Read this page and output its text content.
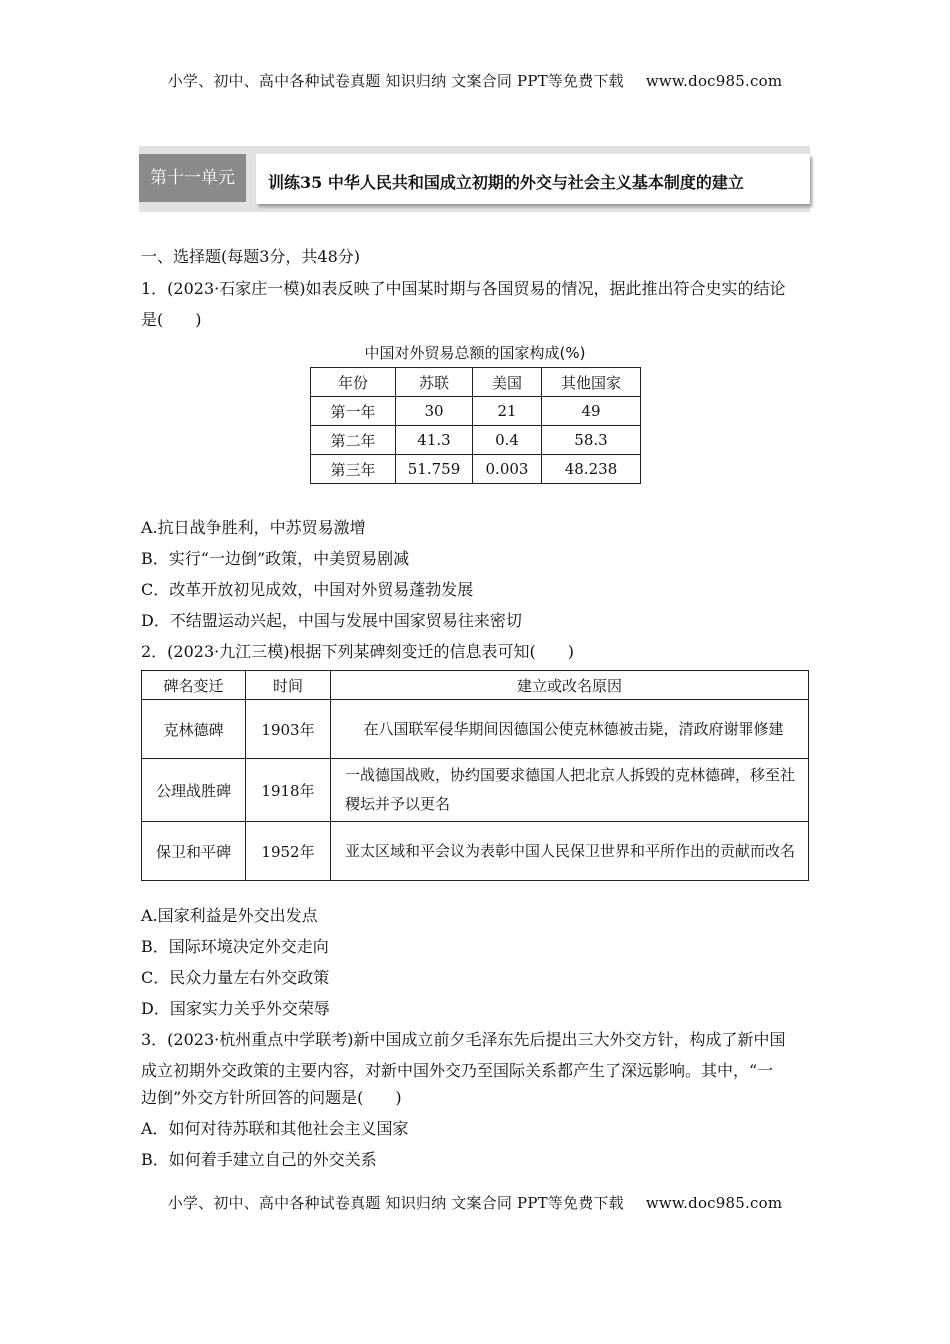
小学、初中、高中各种试卷真题 知识归纳 文案合同 PPT等免费下载 www.doc985.com
第十一单元	训练35 中华人民共和国成立初期的外交与社会主义基本制度的建立
一、选择题(每题3分，共48分)
1．(2023·石家庄一模)如表反映了中国某时期与各国贸易的情况，据此推出符合史实的结论
是(　　)
中国对外贸易总额的国家构成(%)
年份	苏联	美国	其他国家
第一年	30	21	49
第二年	41.3	0.4	58.3
第三年	51.759	0.003	48.238
A.抗日战争胜利，中苏贸易激增
B．实行“一边倒”政策，中美贸易剧减
C．改革开放初见成效，中国对外贸易蓬勃发展
D．不结盟运动兴起，中国与发展中国家贸易往来密切
2．(2023·九江三模)根据下列某碑刻变迁的信息表可知(　　)
碑名变迁	时间	建立或改名原因
克林德碑	1903年	在八国联军侵华期间因德国公使克林德被击毙，清政府谢罪修建
公理战胜碑	1918年	一战德国战败，协约国要求德国人把北京人拆毁的克林德碑，移至社稷坛并予以更名
保卫和平碑	1952年	亚太区域和平会议为表彰中国人民保卫世界和平所作出的贡献而改名
A.国家利益是外交出发点
B．国际环境决定外交走向
C．民众力量左右外交政策
D．国家实力关乎外交荣辱
3．(2023·杭州重点中学联考)新中国成立前夕毛泽东先后提出三大外交方针，构成了新中国
成立初期外交政策的主要内容，对新中国外交乃至国际关系都产生了深远影响。其中，“一
边倒”外交方针所回答的问题是(　　)
A．如何对待苏联和其他社会主义国家
B．如何着手建立自己的外交关系
小学、初中、高中各种试卷真题 知识归纳 文案合同 PPT等免费下载 www.doc985.com
